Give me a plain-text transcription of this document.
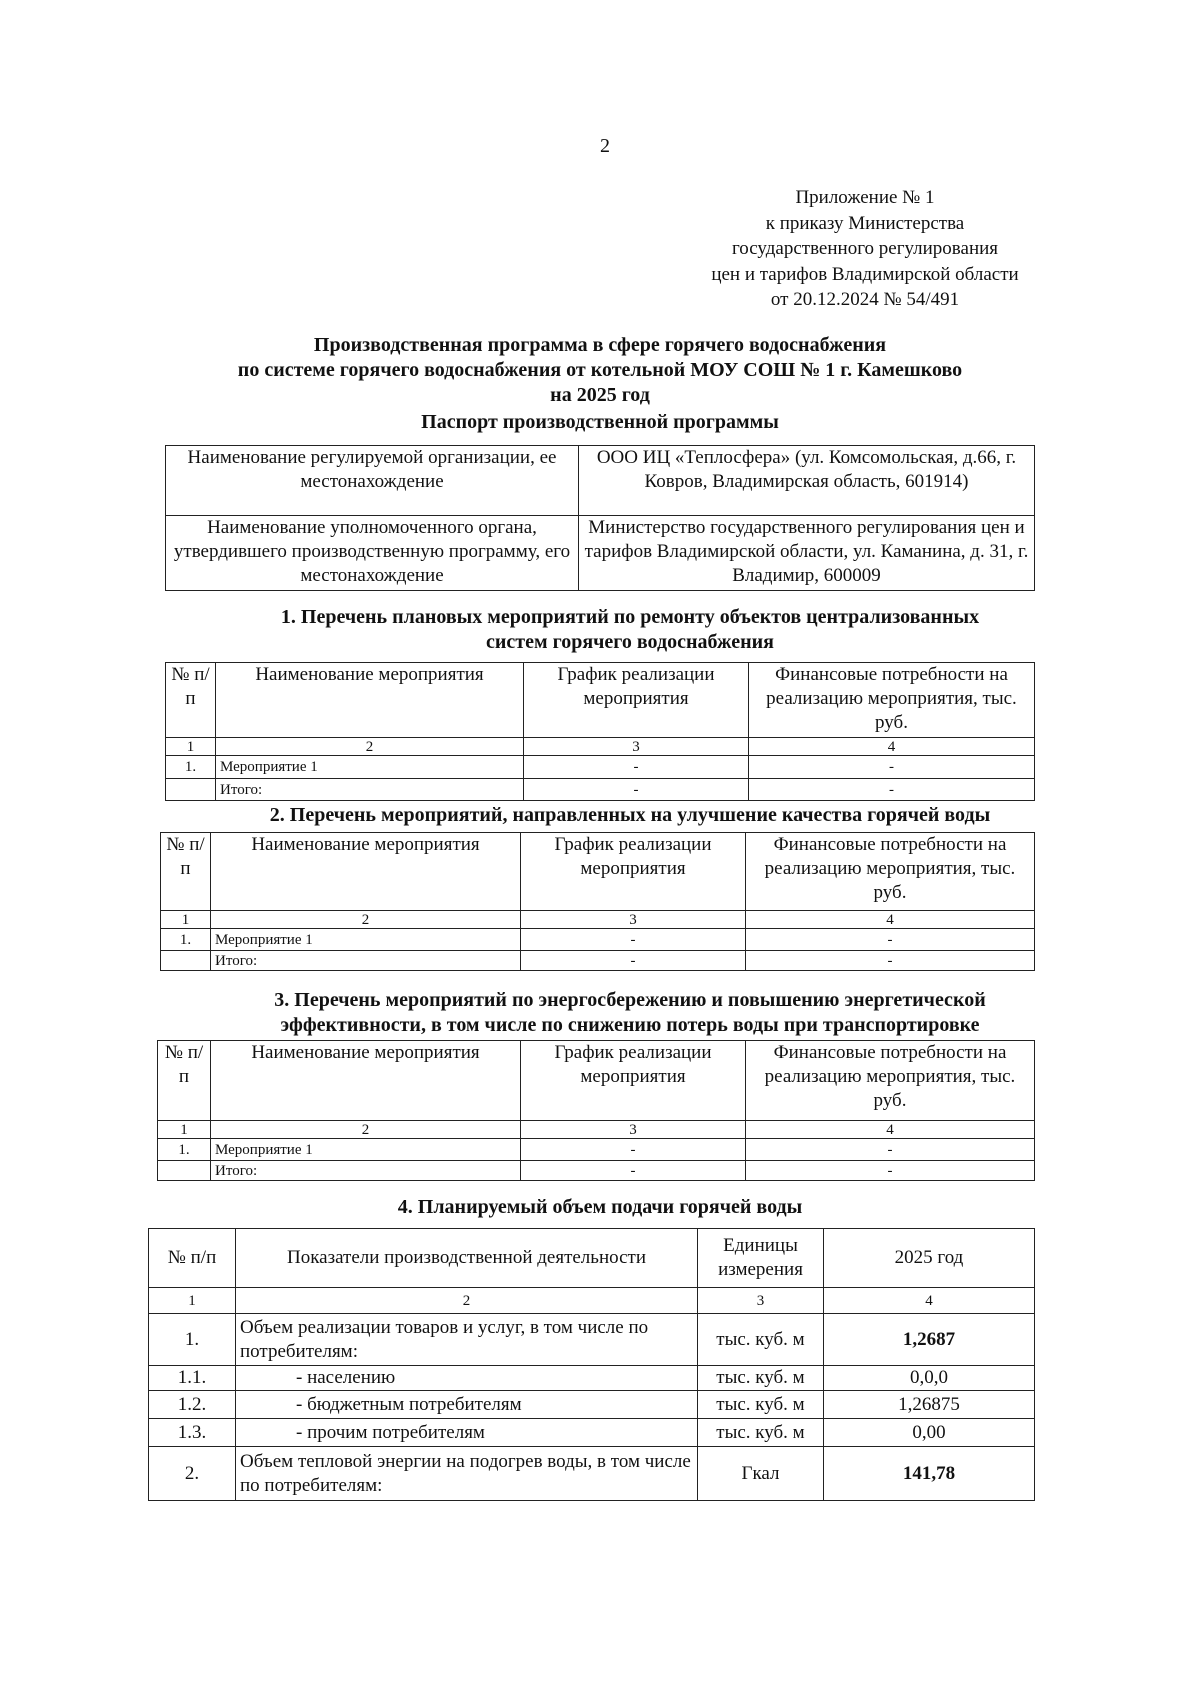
2
Приложение № 1
к приказу Министерства
государственного регулирования
цен и тарифов Владимирской области
от 20.12.2024 № 54/491
Производственная программа в сфере горячего водоснабжения
по системе горячего водоснабжения от котельной МОУ СОШ № 1 г. Камешково
на 2025 год
Паспорт производственной программы
Наименование регулируемой организации, ее местонахождение	ООО ИЦ «Теплосфера» (ул. Комсомольская, д.66, г. Ковров, Владимирская область, 601914)
Наименование уполномоченного органа, утвердившего производственную программу, его местонахождение	Министерство государственного регулирования цен и тарифов Владимирской области, ул. Каманина, д. 31, г. Владимир, 600009
1. Перечень плановых мероприятий по ремонту объектов централизованных систем горячего водоснабжения
№ п/п	Наименование мероприятия	График реализации мероприятия	Финансовые потребности на реализацию мероприятия, тыс. руб.
1	2	3	4
1.	Мероприятие 1	-	-
	Итого:	-	-
2. Перечень мероприятий, направленных на улучшение качества горячей воды
№ п/п	Наименование мероприятия	График реализации мероприятия	Финансовые потребности на реализацию мероприятия, тыс. руб.
1	2	3	4
1.	Мероприятие 1	-	-
	Итого:	-	-
3. Перечень мероприятий по энергосбережению и повышению энергетической эффективности, в том числе по снижению потерь воды при транспортировке
№ п/п	Наименование мероприятия	График реализации мероприятия	Финансовые потребности на реализацию мероприятия, тыс. руб.
1	2	3	4
1.	Мероприятие 1	-	-
	Итого:	-	-
4. Планируемый объем подачи горячей воды
№ п/п	Показатели производственной деятельности	Единицы измерения	2025 год
1	2	3	4
1.	Объем реализации товаров и услуг, в том числе по потребителям:	тыс. куб. м	1,2687
1.1.	- населению	тыс. куб. м	0,0,0
1.2.	- бюджетным потребителям	тыс. куб. м	1,26875
1.3.	- прочим потребителям	тыс. куб. м	0,00
2.	Объем тепловой энергии на подогрев воды, в том числе по потребителям:	Гкал	141,78
